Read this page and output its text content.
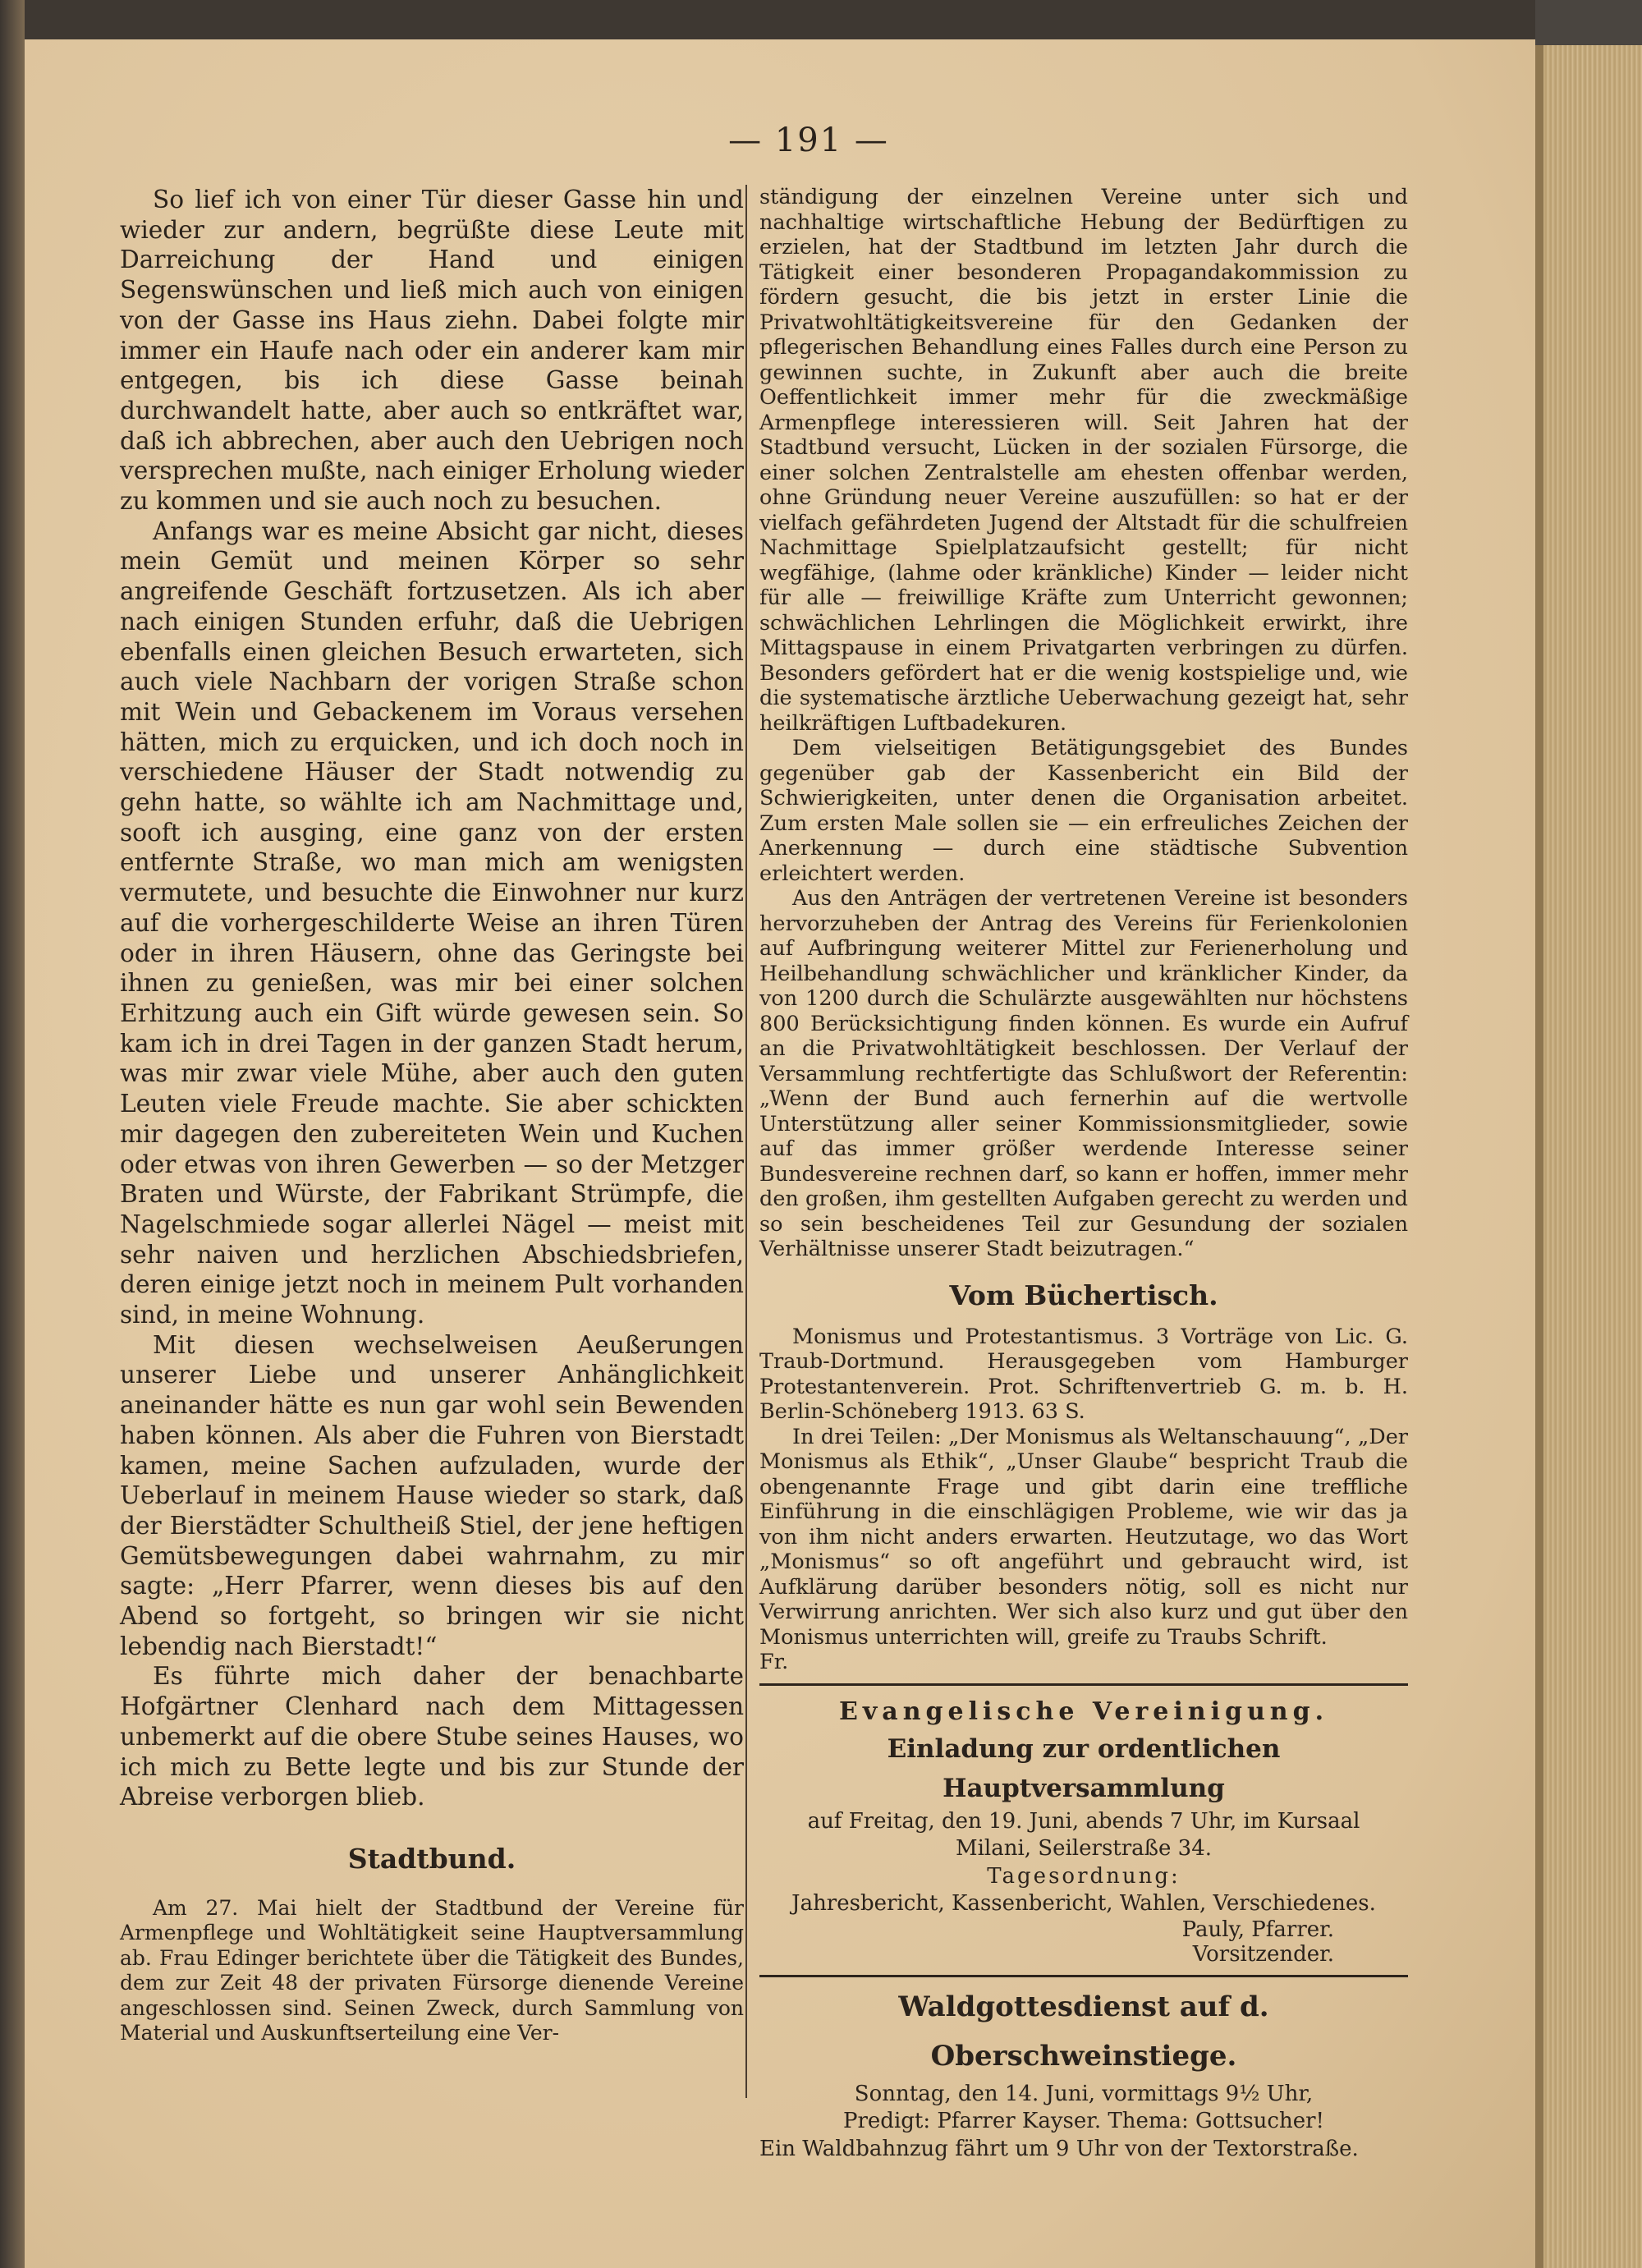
— 191 —

So lief ich von einer Tür dieser Gasse hin und wieder zur andern, begrüßte diese Leute mit Darreichung der Hand und einigen Segenswünschen und ließ mich auch von einigen von der Gasse ins Haus ziehn. Dabei folgte mir immer ein Haufe nach oder ein anderer kam mir entgegen, bis ich diese Gasse beinah durchwandelt hatte, aber auch so entkräftet war, daß ich abbrechen, aber auch den Uebrigen noch versprechen mußte, nach einiger Erholung wieder zu kommen und sie auch noch zu besuchen.

Anfangs war es meine Absicht gar nicht, dieses mein Gemüt und meinen Körper so sehr angreifende Geschäft fortzusetzen. Als ich aber nach einigen Stunden erfuhr, daß die Uebrigen ebenfalls einen gleichen Besuch erwarteten, sich auch viele Nachbarn der vorigen Straße schon mit Wein und Gebackenem im Voraus versehen hätten, mich zu erquicken, und ich doch noch in verschiedene Häuser der Stadt notwendig zu gehn hatte, so wählte ich am Nachmittage und, sooft ich ausging, eine ganz von der ersten entfernte Straße, wo man mich am wenigsten vermutete, und besuchte die Einwohner nur kurz auf die vorhergeschilderte Weise an ihren Türen oder in ihren Häusern, ohne das Geringste bei ihnen zu genießen, was mir bei einer solchen Erhitzung auch ein Gift würde gewesen sein. So kam ich in drei Tagen in der ganzen Stadt herum, was mir zwar viele Mühe, aber auch den guten Leuten viele Freude machte. Sie aber schickten mir dagegen den zubereiteten Wein und Kuchen oder etwas von ihren Gewerben — so der Metzger Braten und Würste, der Fabrikant Strümpfe, die Nagelschmiede sogar allerlei Nägel — meist mit sehr naiven und herzlichen Abschiedsbriefen, deren einige jetzt noch in meinem Pult vorhanden sind, in meine Wohnung.

Mit diesen wechselweisen Aeußerungen unserer Liebe und unserer Anhänglichkeit aneinander hätte es nun gar wohl sein Bewenden haben können. Als aber die Fuhren von Bierstadt kamen, meine Sachen aufzuladen, wurde der Ueberlauf in meinem Hause wieder so stark, daß der Bierstädter Schultheiß Stiel, der jene heftigen Gemütsbewegungen dabei wahrnahm, zu mir sagte: „Herr Pfarrer, wenn dieses bis auf den Abend so fortgeht, so bringen wir sie nicht lebendig nach Bierstadt!“

Es führte mich daher der benachbarte Hofgärtner Clenhard nach dem Mittagessen unbemerkt auf die obere Stube seines Hauses, wo ich mich zu Bette legte und bis zur Stunde der Abreise verborgen blieb.

Stadtbund.

Am 27. Mai hielt der Stadtbund der Vereine für Armenpflege und Wohltätigkeit seine Hauptversammlung ab. Frau Edinger berichtete über die Tätigkeit des Bundes, dem zur Zeit 48 der privaten Fürsorge dienende Vereine angeschlossen sind. Seinen Zweck, durch Sammlung von Material und Auskunftserteilung eine Ver-

ständigung der einzelnen Vereine unter sich und nachhaltige wirtschaftliche Hebung der Bedürftigen zu erzielen, hat der Stadtbund im letzten Jahr durch die Tätigkeit einer besonderen Propagandakommission zu fördern gesucht, die bis jetzt in erster Linie die Privatwohltätigkeitsvereine für den Gedanken der pflegerischen Behandlung eines Falles durch eine Person zu gewinnen suchte, in Zukunft aber auch die breite Oeffentlichkeit immer mehr für die zweckmäßige Armenpflege interessieren will. Seit Jahren hat der Stadtbund versucht, Lücken in der sozialen Fürsorge, die einer solchen Zentralstelle am ehesten offenbar werden, ohne Gründung neuer Vereine auszufüllen: so hat er der vielfach gefährdeten Jugend der Altstadt für die schulfreien Nachmittage Spielplatzaufsicht gestellt; für nicht wegfähige, (lahme oder kränkliche) Kinder — leider nicht für alle — freiwillige Kräfte zum Unterricht gewonnen; schwächlichen Lehrlingen die Möglichkeit erwirkt, ihre Mittagspause in einem Privatgarten verbringen zu dürfen. Besonders gefördert hat er die wenig kostspielige und, wie die systematische ärztliche Ueberwachung gezeigt hat, sehr heilkräftigen Luftbadekuren.

Dem vielseitigen Betätigungsgebiet des Bundes gegenüber gab der Kassenbericht ein Bild der Schwierigkeiten, unter denen die Organisation arbeitet. Zum ersten Male sollen sie — ein erfreuliches Zeichen der Anerkennung — durch eine städtische Subvention erleichtert werden.

Aus den Anträgen der vertretenen Vereine ist besonders hervorzuheben der Antrag des Vereins für Ferienkolonien auf Aufbringung weiterer Mittel zur Ferienerholung und Heilbehandlung schwächlicher und kränklicher Kinder, da von 1200 durch die Schulärzte ausgewählten nur höchstens 800 Berücksichtigung finden können. Es wurde ein Aufruf an die Privatwohltätigkeit beschlossen. Der Verlauf der Versammlung rechtfertigte das Schlußwort der Referentin: „Wenn der Bund auch fernerhin auf die wertvolle Unterstützung aller seiner Kommissionsmitglieder, sowie auf das immer größer werdende Interesse seiner Bundesvereine rechnen darf, so kann er hoffen, immer mehr den großen, ihm gestellten Aufgaben gerecht zu werden und so sein bescheidenes Teil zur Gesundung der sozialen Verhältnisse unserer Stadt beizutragen.“

Vom Büchertisch.

Monismus und Protestantismus. 3 Vorträge von Lic. G. Traub-Dortmund. Herausgegeben vom Hamburger Protestantenverein. Prot. Schriftenvertrieb G. m. b. H. Berlin-Schöneberg 1913. 63 S.

In drei Teilen: „Der Monismus als Weltanschauung“, „Der Monismus als Ethik“, „Unser Glaube“ bespricht Traub die obengenannte Frage und gibt darin eine treffliche Einführung in die einschlägigen Probleme, wie wir das ja von ihm nicht anders erwarten. Heutzutage, wo das Wort „Monismus“ so oft angeführt und gebraucht wird, ist Aufklärung darüber besonders nötig, soll es nicht nur Verwirrung anrichten. Wer sich also kurz und gut über den Monismus unterrichten will, greife zu Traubs Schrift.

Fr.

Evangelische Vereinigung.
Einladung zur ordentlichen Hauptversammlung
auf Freitag, den 19. Juni, abends 7 Uhr, im Kursaal
Milani, Seilerstraße 34.
Tagesordnung:
Jahresbericht, Kassenbericht, Wahlen, Verschiedenes.
Pauly, Pfarrer.
Vorsitzender.
Waldgottesdienst auf d. Oberschweinstiege.
Sonntag, den 14. Juni, vormittags 9½ Uhr,
Predigt: Pfarrer Kayser. Thema: Gottsucher!
Ein Waldbahnzug fährt um 9 Uhr von der Textorstraße.
